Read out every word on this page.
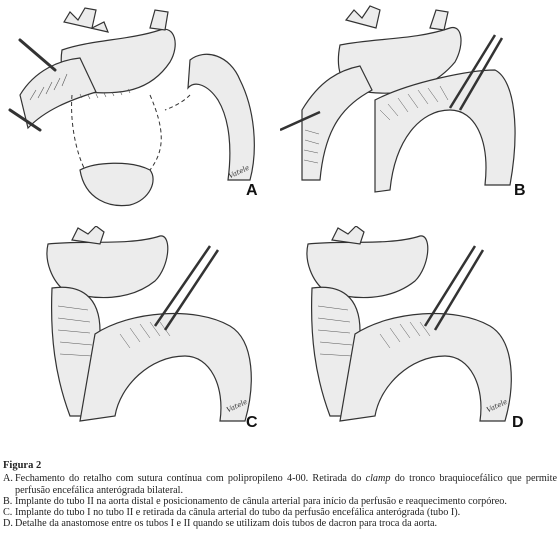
A
Vatele
B
C
Vatele
D
Vatele
Figura 2
A. Fechamento do retalho com sutura contínua com polipropileno 4-00. Retirada do clamp do tronco braquiocefálico que permite perfusão encefálica anterógrada bilateral.
B. Implante do tubo II na aorta distal e posicionamento de cânula arterial para início da perfusão e reaquecimento corpóreo.
C. Implante do tubo I no tubo II e retirada da cânula arterial do tubo da perfusão encefálica anterógrada (tubo I).
D. Detalhe da anastomose entre os tubos I e II quando se utilizam dois tubos de dacron para troca da aorta.
